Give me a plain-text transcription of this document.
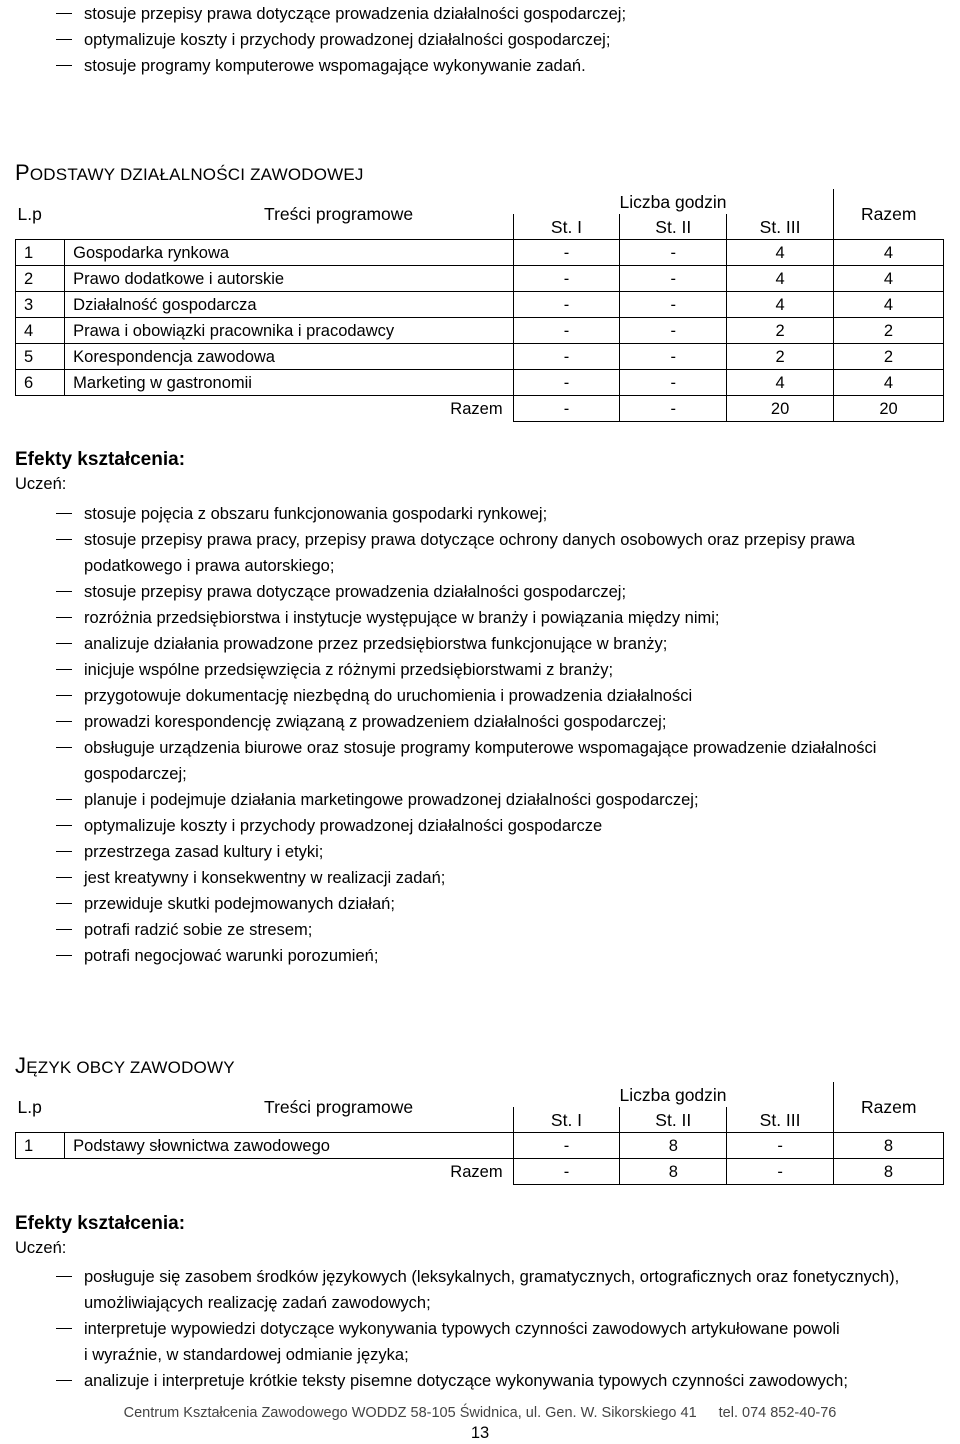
stosuje przepisy prawa dotyczące prowadzenia działalności gospodarczej;
optymalizuje koszty i przychody prowadzonej działalności gospodarczej;
stosuje programy komputerowe wspomagające wykonywanie zadań.
PODSTAWY DZIAŁALNOŚCI ZAWODOWEJ
L.p	Treści programowe	Liczba godzin			Razem
		St. I	St. II	St. III	
1	Gospodarka rynkowa	-	-	4	4
2	Prawo dodatkowe i autorskie	-	-	4	4
3	Działalność gospodarcza	-	-	4	4
4	Prawa i obowiązki pracownika i pracodawcy	-	-	2	2
5	Korespondencja zawodowa	-	-	2	2
6	Marketing w gastronomii	-	-	4	4
	Razem	-	-	20	20
Efekty kształcenia:

Uczeń:

stosuje pojęcia z obszaru funkcjonowania gospodarki rynkowej;
stosuje przepisy prawa pracy, przepisy prawa dotyczące ochrony danych osobowych oraz przepisy prawa
podatkowego i prawa autorskiego;
stosuje przepisy prawa dotyczące prowadzenia działalności gospodarczej;
rozróżnia przedsiębiorstwa i instytucje występujące w branży i powiązania między nimi;
analizuje działania prowadzone przez przedsiębiorstwa funkcjonujące w branży;
inicjuje wspólne przedsięwzięcia z różnymi przedsiębiorstwami z branży;
przygotowuje dokumentację niezbędną do uruchomienia i prowadzenia działalności
prowadzi korespondencję związaną z prowadzeniem działalności gospodarczej;
obsługuje urządzenia biurowe oraz stosuje programy komputerowe wspomagające prowadzenie działalności
gospodarczej;
planuje i podejmuje działania marketingowe prowadzonej działalności gospodarczej;
optymalizuje koszty i przychody prowadzonej działalności gospodarcze
przestrzega zasad kultury i etyki;
jest kreatywny i konsekwentny w realizacji zadań;
przewiduje skutki podejmowanych działań;
potrafi radzić sobie ze stresem;
potrafi negocjować warunki porozumień;
JĘZYK OBCY ZAWODOWY
L.p	Treści programowe	Liczba godzin			Razem
		St. I	St. II	St. III	
1	Podstawy słownictwa zawodowego	-	8	-	8
	Razem	-	8	-	8
Efekty kształcenia:

Uczeń:

posługuje się zasobem środków językowych (leksykalnych, gramatycznych, ortograficznych oraz fonetycznych),
umożliwiających realizację zadań zawodowych;
interpretuje wypowiedzi dotyczące wykonywania typowych czynności zawodowych artykułowane powoli
i wyraźnie, w standardowej odmianie języka;
analizuje i interpretuje krótkie teksty pisemne dotyczące wykonywania typowych czynności zawodowych;
Centrum Kształcenia Zawodowego WODDZ 58-105 Świdnica, ul. Gen. W. Sikorskiego 41 tel. 074 852-40-76
13
